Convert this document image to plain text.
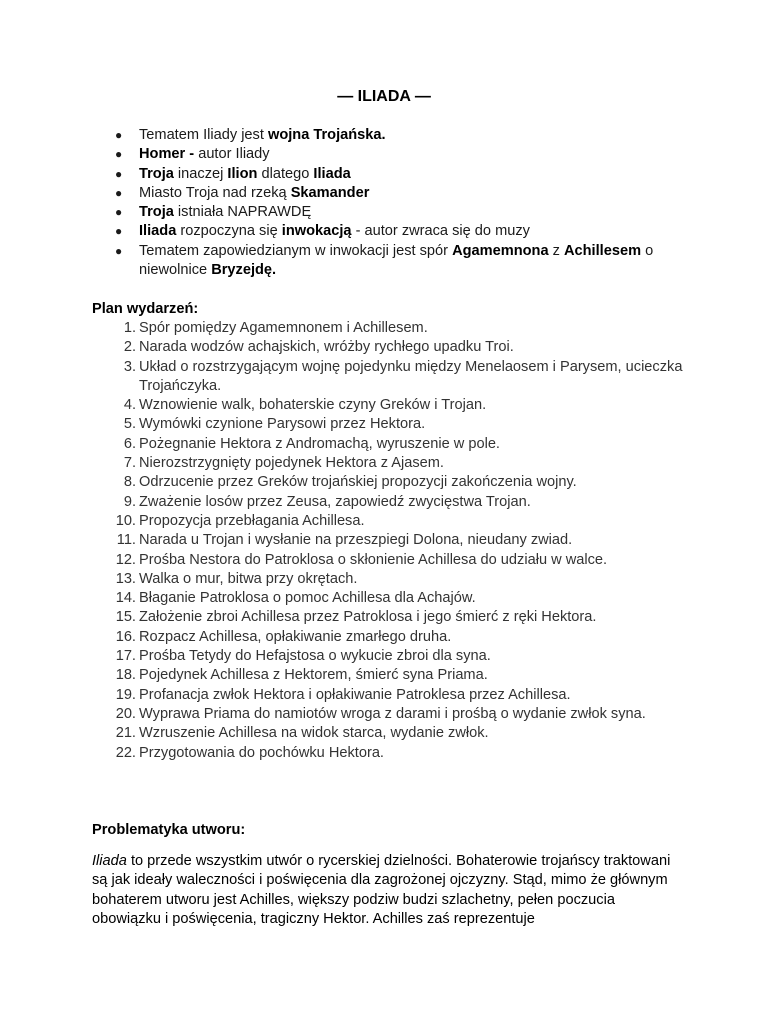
— ILIADA —
● Tematem Iliady jest wojna Trojańska.
● Homer - autor Iliady
● Troja inaczej Ilion dlatego Iliada
● Miasto Troja nad rzeką Skamander
● Troja istniała NAPRAWDĘ
● Iliada rozpoczyna się inwokacją - autor zwraca się do muzy
● Tematem zapowiedzianym w inwokacji jest spór Agamemnona z Achillesem o niewolnice Bryzejdę.
Plan wydarzeń:
1. Spór pomiędzy Agamemnonem i Achillesem.
2. Narada wodzów achajskich, wróżby rychłego upadku Troi.
3. Układ o rozstrzygającym wojnę pojedynku między Menelaosem i Parysem, ucieczka Trojańczyka.
4. Wznowienie walk, bohaterskie czyny Greków i Trojan.
5. Wymówki czynione Parysowi przez Hektora.
6. Pożegnanie Hektora z Andromachą, wyruszenie w pole.
7. Nierozstrzygnięty pojedynek Hektora z Ajasem.
8. Odrzucenie przez Greków trojańskiej propozycji zakończenia wojny.
9. Zważenie losów przez Zeusa, zapowiedź zwycięstwa Trojan.
10. Propozycja przebłagania Achillesa.
11. Narada u Trojan i wysłanie na przeszpiegi Dolona, nieudany zwiad.
12. Prośba Nestora do Patroklosa o skłonienie Achillesa do udziału w walce.
13. Walka o mur, bitwa przy okrętach.
14. Błaganie Patroklosa o pomoc Achillesa dla Achajów.
15. Założenie zbroi Achillesa przez Patroklosa i jego śmierć z ręki Hektora.
16. Rozpacz Achillesa, opłakiwanie zmarłego druha.
17. Prośba Tetydy do Hefajstosa o wykucie zbroi dla syna.
18. Pojedynek Achillesa z Hektorem, śmierć syna Priama.
19. Profanacja zwłok Hektora i opłakiwanie Patroklesa przez Achillesa.
20. Wyprawa Priama do namiotów wroga z darami i prośbą o wydanie zwłok syna.
21. Wzruszenie Achillesa na widok starca, wydanie zwłok.
22. Przygotowania do pochówku Hektora.
Problematyka utworu:

Iliada to przede wszystkim utwór o rycerskiej dzielności. Bohaterowie trojańscy traktowani są jak ideały waleczności i poświęcenia dla zagrożonej ojczyzny. Stąd, mimo że głównym bohaterem utworu jest Achilles, większy podziw budzi szlachetny, pełen poczucia obowiązku i poświęcenia, tragiczny Hektor. Achilles zaś reprezentuje
